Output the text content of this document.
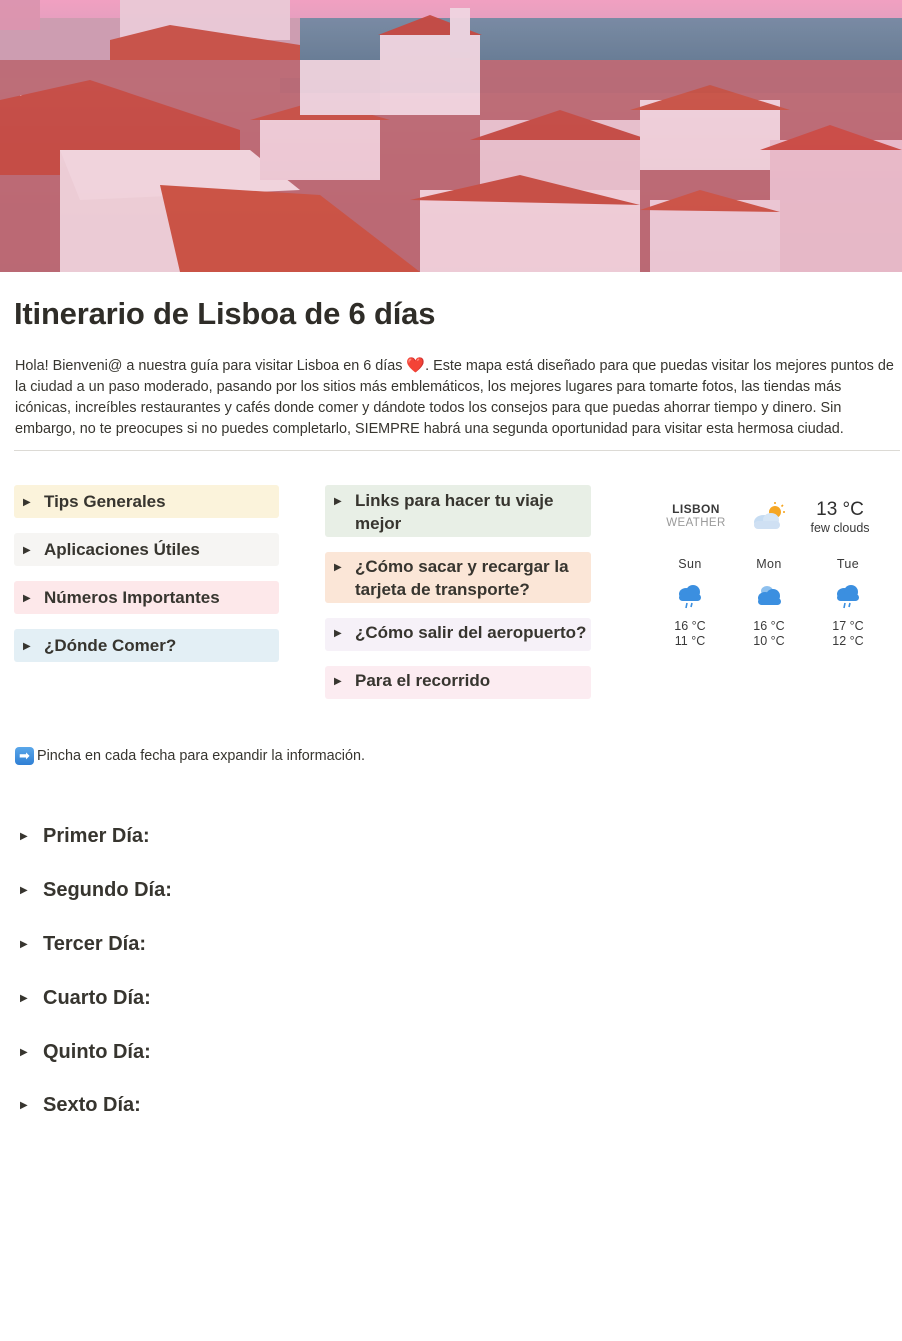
Itinerario de Lisboa de 6 días

Hola! Bienveni@ a nuestra guía para visitar Lisboa en 6 días ❤️. Este mapa está diseñado para que puedas visitar los mejores puntos de la ciudad a un paso moderado, pasando por los sitios más emblemáticos, los mejores lugares para tomarte fotos, las tiendas más icónicas, increíbles restaurantes y cafés donde comer y dándote todos los consejos para que puedas ahorrar tiempo y dinero. Sin embargo, no te preocupes si no puedes completarlo, SIEMPRE habrá una segunda oportunidad para visitar esta hermosa ciudad.

▶ Tips Generales
▶ Aplicaciones Útiles
▶ Números Importantes
▶ ¿Dónde Comer?
▶ Links para hacer tu viaje mejor
▶ ¿Cómo sacar y recargar la tarjeta de transporte?
▶ ¿Cómo salir del aeropuerto?
▶ Para el recorrido
LISBON
WEATHER
13 °C
few clouds
Sun
16 °C
11 °C
Mon
16 °C
10 °C
Tue
17 °C
12 °C
➡ Pincha en cada fecha para expandir la información.
▶ Primer Día:
▶ Segundo Día:
▶ Tercer Día:
▶ Cuarto Día:
▶ Quinto Día:
▶ Sexto Día:
